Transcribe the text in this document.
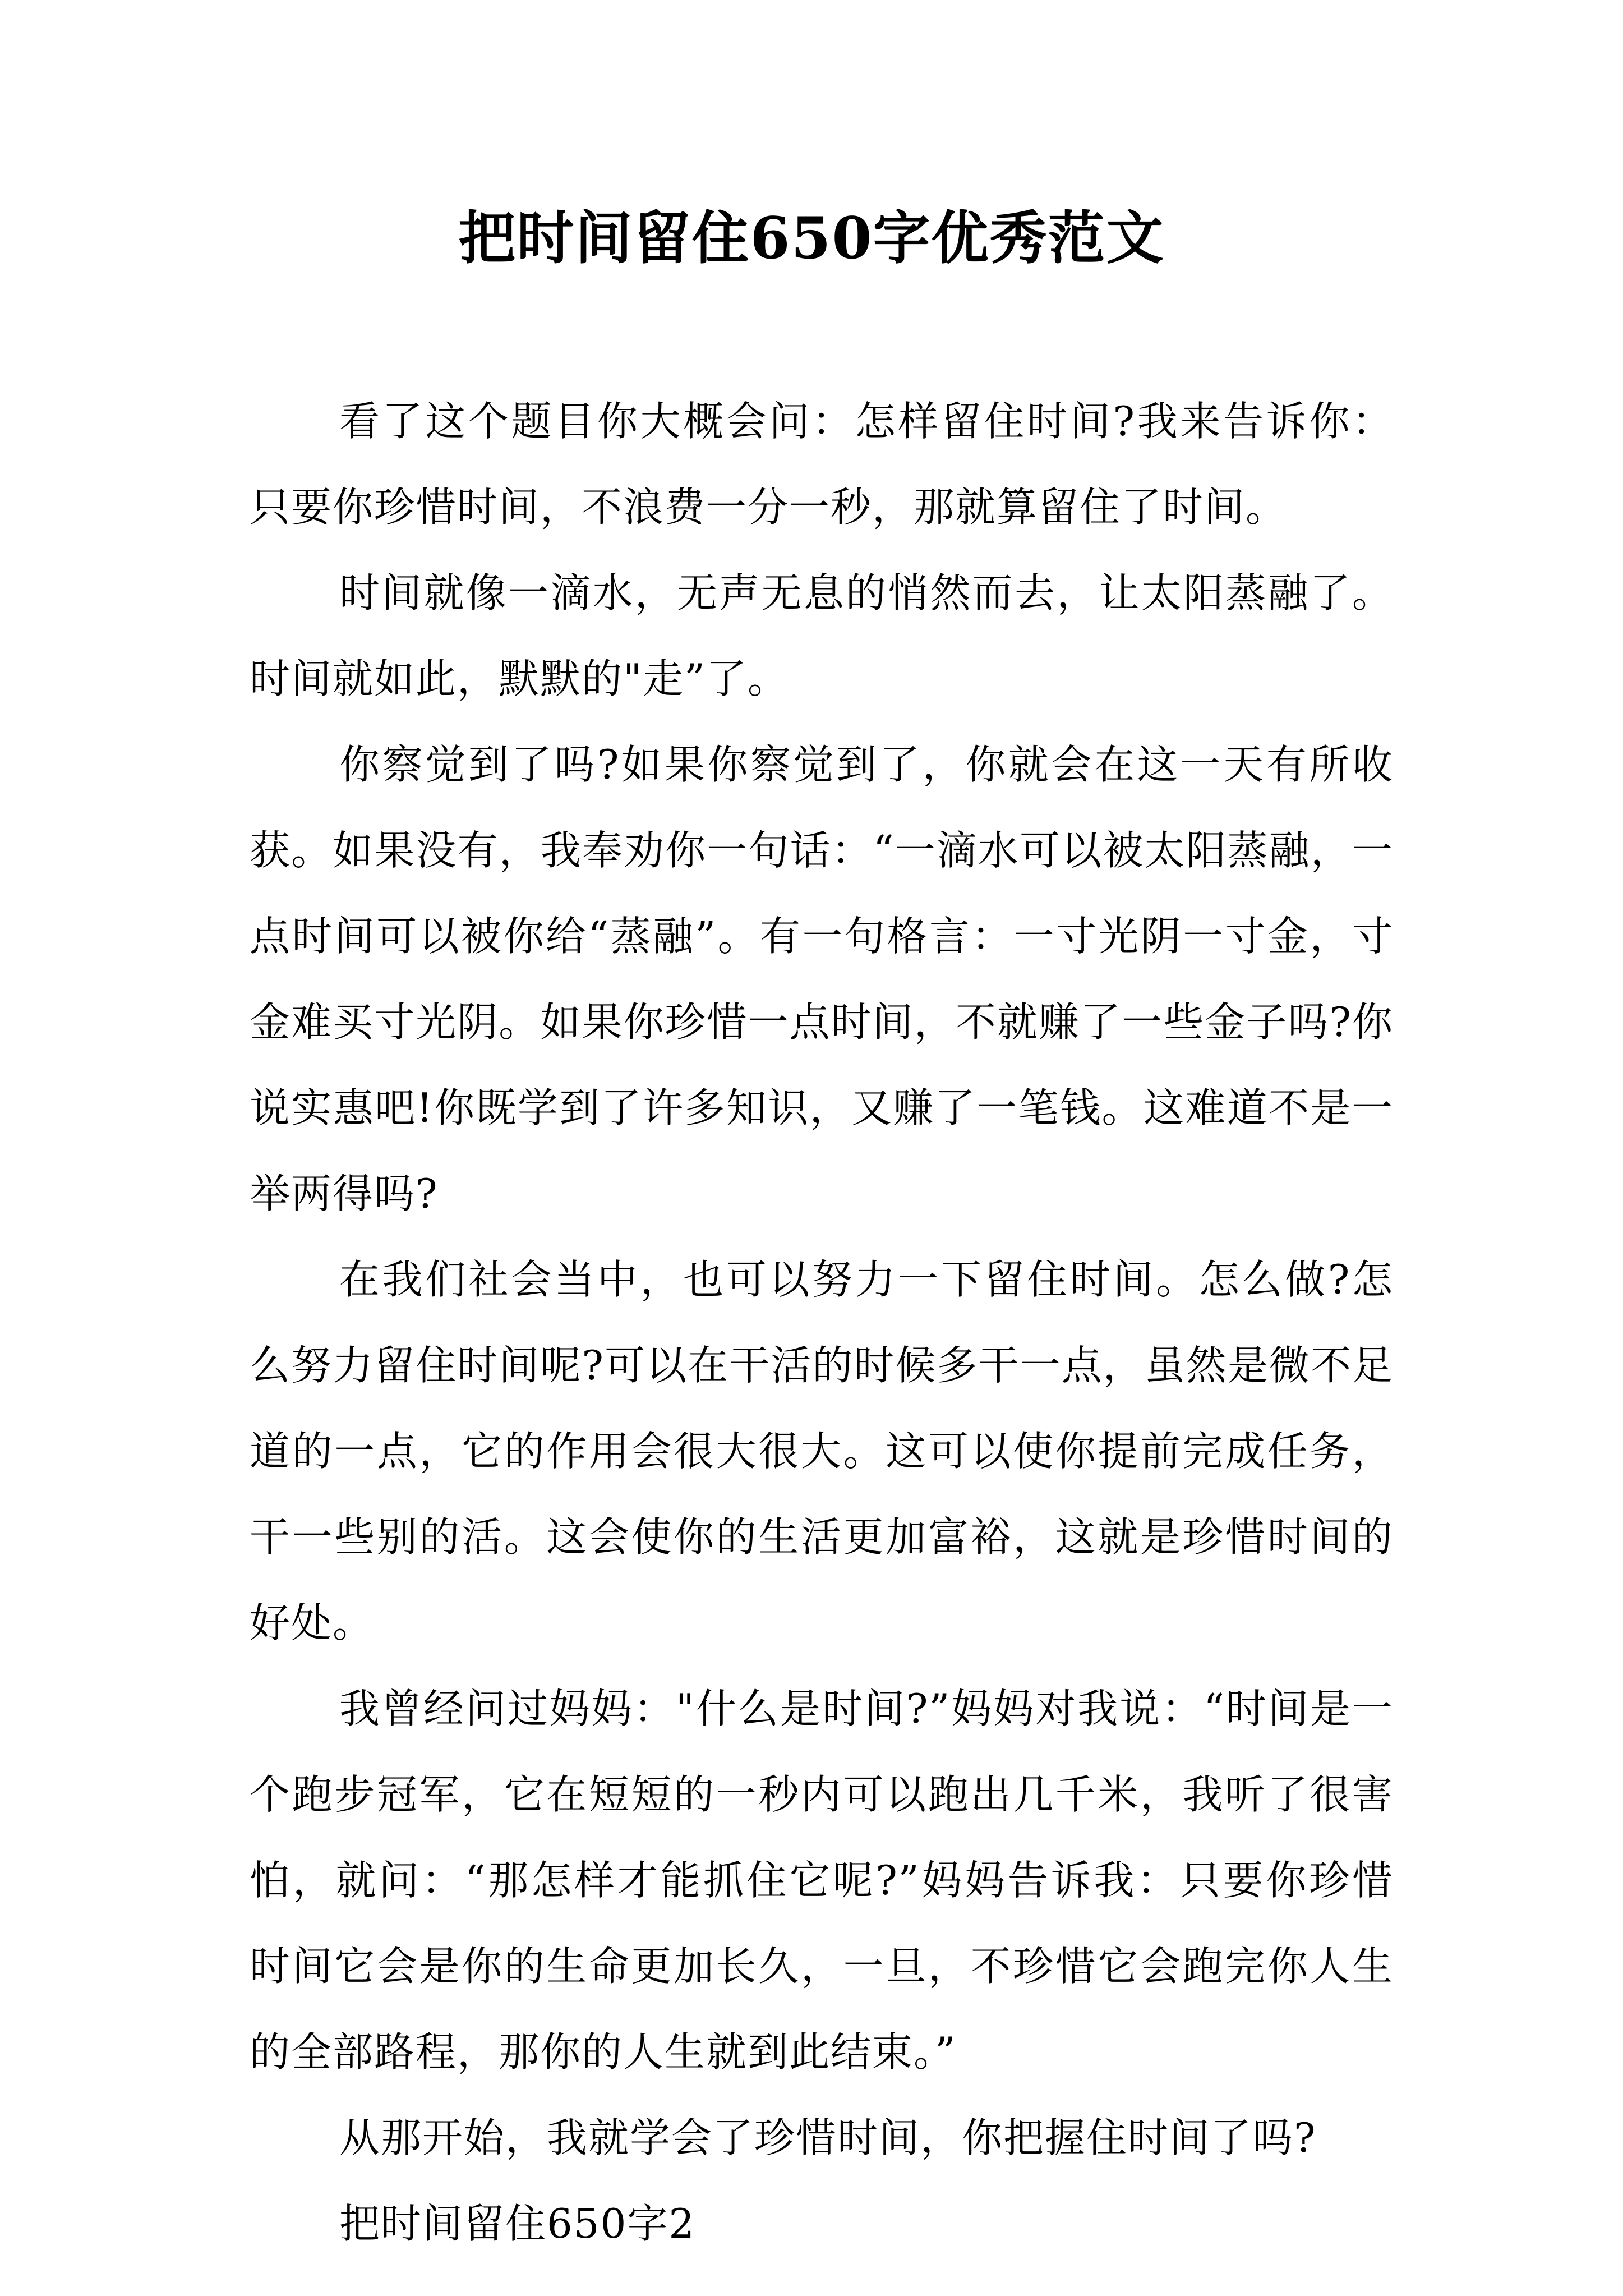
把时间留住650字优秀范文

看了这个题目你大概会问：怎样留住时间?我来告诉你：只要你珍惜时间，不浪费一分一秒，那就算留住了时间。

时间就像一滴水，无声无息的悄然而去，让太阳蒸融了。时间就如此，默默的"走”了。

你察觉到了吗?如果你察觉到了，你就会在这一天有所收获。如果没有，我奉劝你一句话：“一滴水可以被太阳蒸融，一点时间可以被你给“蒸融”。有一句格言：一寸光阴一寸金，寸金难买寸光阴。如果你珍惜一点时间，不就赚了一些金子吗?你说实惠吧!你既学到了许多知识，又赚了一笔钱。这难道不是一举两得吗?

在我们社会当中，也可以努力一下留住时间。怎么做?怎么努力留住时间呢?可以在干活的时候多干一点，虽然是微不足道的一点，它的作用会很大很大。这可以使你提前完成任务，干一些别的活。这会使你的生活更加富裕，这就是珍惜时间的好处。

我曾经问过妈妈："什么是时间?”妈妈对我说：“时间是一个跑步冠军，它在短短的一秒内可以跑出几千米，我听了很害怕，就问：“那怎样才能抓住它呢?”妈妈告诉我：只要你珍惜时间它会是你的生命更加长久，一旦，不珍惜它会跑完你人生的全部路程，那你的人生就到此结束。”

从那开始，我就学会了珍惜时间，你把握住时间了吗?

把时间留住650字2
